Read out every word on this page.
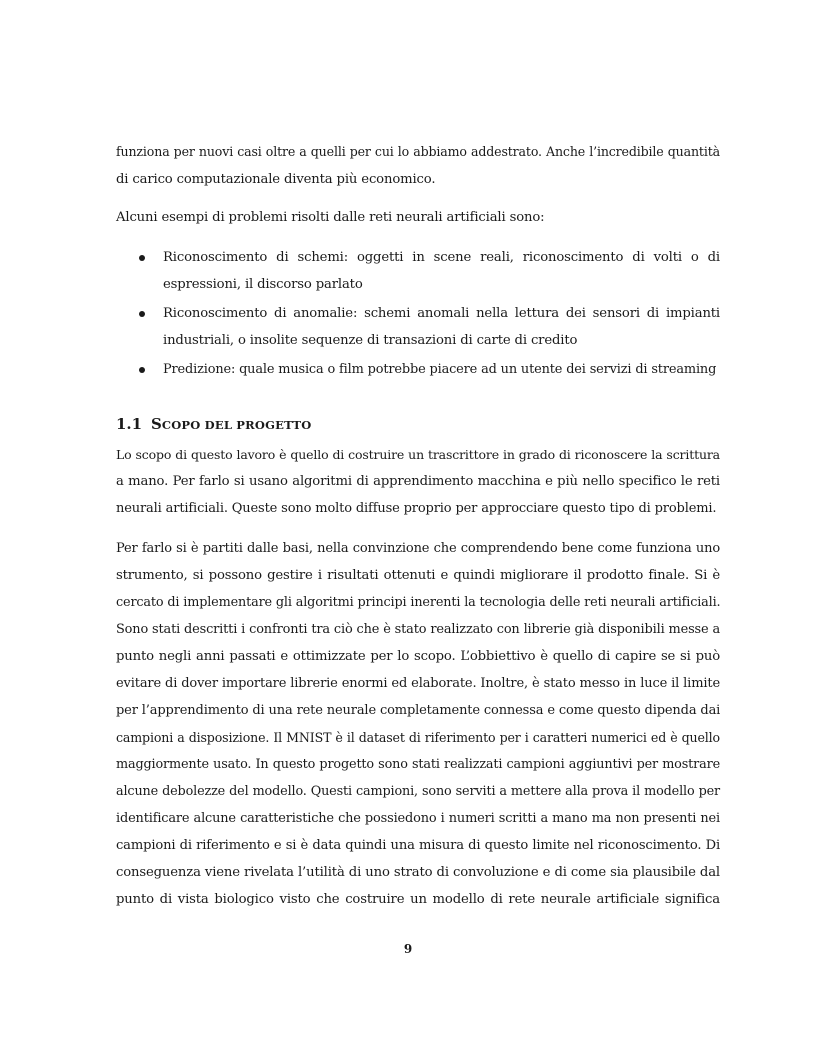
funziona per nuovi casi oltre a quelli per cui lo abbiamo addestrato. Anche l’incredibile quantità
di carico computazionale diventa più economico.
Alcuni esempi di problemi risolti dalle reti neurali artificiali sono:
Riconoscimento di schemi: oggetti in scene reali, riconoscimento di volti o di
espressioni, il discorso parlato
Riconoscimento di anomalie: schemi anomali nella lettura dei sensori di impianti
industriali, o insolite sequenze di transazioni di carte di credito
Predizione: quale musica o film potrebbe piacere ad un utente dei servizi di streaming
1.1 SCOPO DEL PROGETTO
Lo scopo di questo lavoro è quello di costruire un trascrittore in grado di riconoscere la scrittura
a mano. Per farlo si usano algoritmi di apprendimento macchina e più nello specifico le reti
neurali artificiali. Queste sono molto diffuse proprio per approcciare questo tipo di problemi.
Per farlo si è partiti dalle basi, nella convinzione che comprendendo bene come funziona uno
strumento, si possono gestire i risultati ottenuti e quindi migliorare il prodotto finale. Si è
cercato di implementare gli algoritmi principi inerenti la tecnologia delle reti neurali artificiali.
Sono stati descritti i confronti tra ciò che è stato realizzato con librerie già disponibili messe a
punto negli anni passati e ottimizzate per lo scopo. L’obbiettivo è quello di capire se si può
evitare di dover importare librerie enormi ed elaborate. Inoltre, è stato messo in luce il limite
per l’apprendimento di una rete neurale completamente connessa e come questo dipenda dai
campioni a disposizione. Il MNIST è il dataset di riferimento per i caratteri numerici ed è quello
maggiormente usato. In questo progetto sono stati realizzati campioni aggiuntivi per mostrare
alcune debolezze del modello. Questi campioni, sono serviti a mettere alla prova il modello per
identificare alcune caratteristiche che possiedono i numeri scritti a mano ma non presenti nei
campioni di riferimento e si è data quindi una misura di questo limite nel riconoscimento. Di
conseguenza viene rivelata l’utilità di uno strato di convoluzione e di come sia plausibile dal
punto di vista biologico visto che costruire un modello di rete neurale artificiale significa
9
